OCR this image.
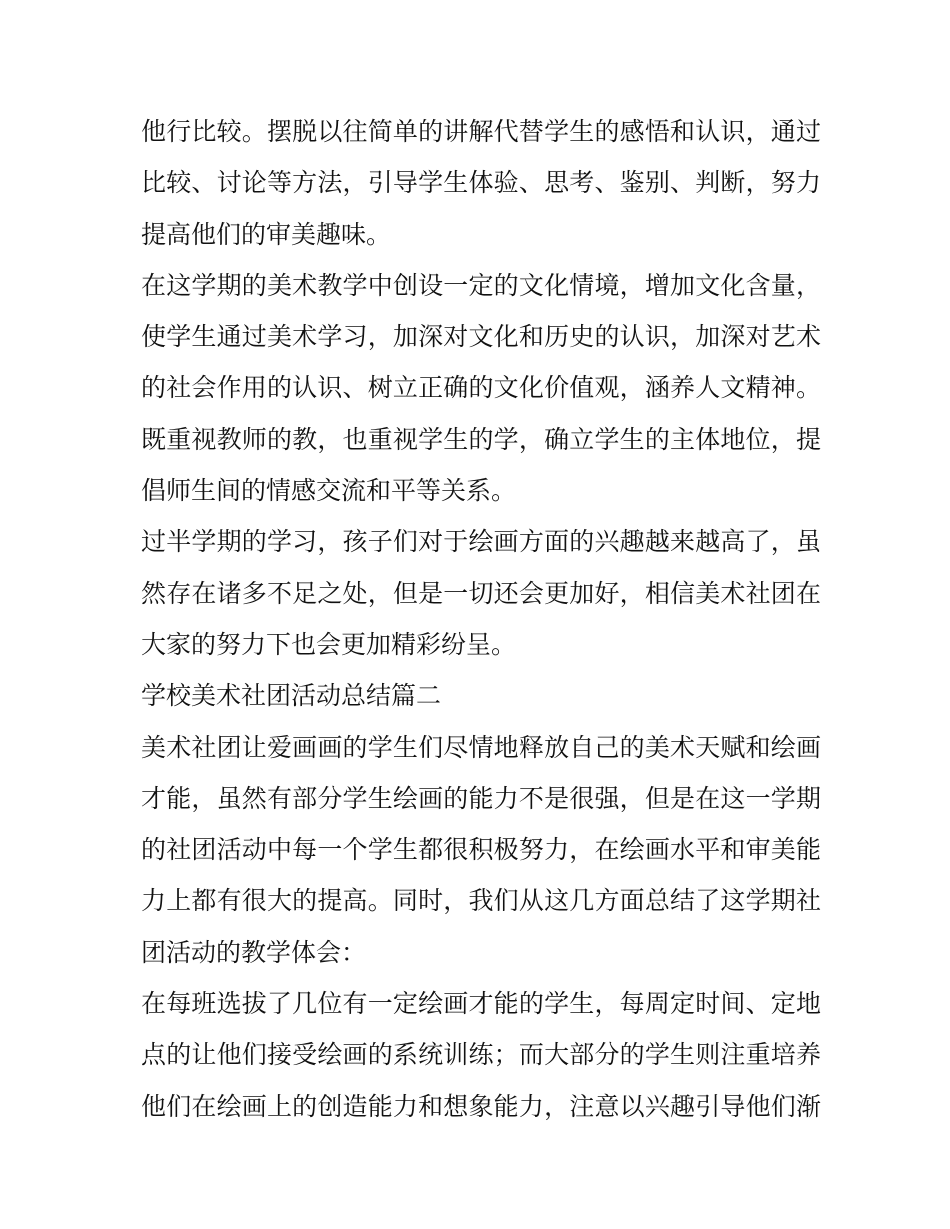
他行比较。摆脱以往简单的讲解代替学生的感悟和认识，通过
比较、讨论等方法，引导学生体验、思考、鉴别、判断，努力
提高他们的审美趣味。
在这学期的美术教学中创设一定的文化情境，增加文化含量，
使学生通过美术学习，加深对文化和历史的认识，加深对艺术
的社会作用的认识、树立正确的文化价值观，涵养人文精神。
既重视教师的教，也重视学生的学，确立学生的主体地位，提
倡师生间的情感交流和平等关系。
过半学期的学习，孩子们对于绘画方面的兴趣越来越高了，虽
然存在诸多不足之处，但是一切还会更加好，相信美术社团在
大家的努力下也会更加精彩纷呈。
学校美术社团活动总结篇二
美术社团让爱画画的学生们尽情地释放自己的美术天赋和绘画
才能，虽然有部分学生绘画的能力不是很强，但是在这一学期
的社团活动中每一个学生都很积极努力，在绘画水平和审美能
力上都有很大的提高。同时，我们从这几方面总结了这学期社
团活动的教学体会：
在每班选拔了几位有一定绘画才能的学生，每周定时间、定地
点的让他们接受绘画的系统训练；而大部分的学生则注重培养
他们在绘画上的创造能力和想象能力，注意以兴趣引导他们渐
